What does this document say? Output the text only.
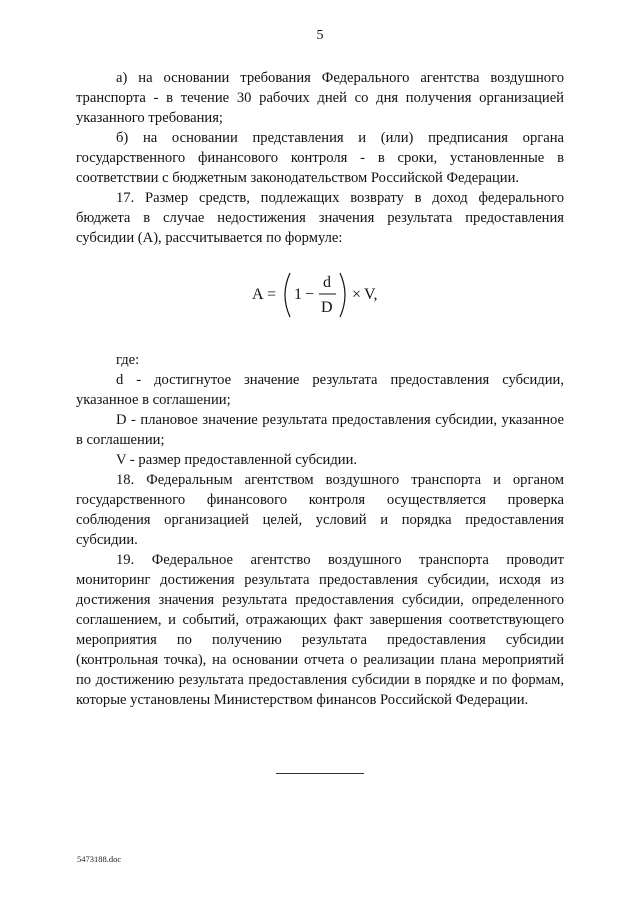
5

а) на основании требования Федерального агентства воздушного транспорта - в течение 30 рабочих дней со дня получения организацией указанного требования;

б) на основании представления и (или) предписания органа государственного финансового контроля - в сроки, установленные в соответствии с бюджетным законодательством Российской Федерации.

17. Размер средств, подлежащих возврату в доход федерального бюджета в случае недостижения значения результата предоставления субсидии (А), рассчитывается по формуле:

A = 1 −
d
D
× V,

где:

d - достигнутое значение результата предоставления субсидии, указанное в соглашении;

D - плановое значение результата предоставления субсидии, указанное в соглашении;

V - размер предоставленной субсидии.

18. Федеральным агентством воздушного транспорта и органом государственного финансового контроля осуществляется проверка соблюдения организацией целей, условий и порядка предоставления субсидии.

19. Федеральное агентство воздушного транспорта проводит мониторинг достижения результата предоставления субсидии, исходя из достижения значения результата предоставления субсидии, определенного соглашением, и событий, отражающих факт завершения соответствующего мероприятия по получению результата предоставления субсидии (контрольная точка), на основании отчета о реализации плана мероприятий по достижению результата предоставления субсидии в порядке и по формам, которые установлены Министерством финансов Российской Федерации.

5473188.doc
